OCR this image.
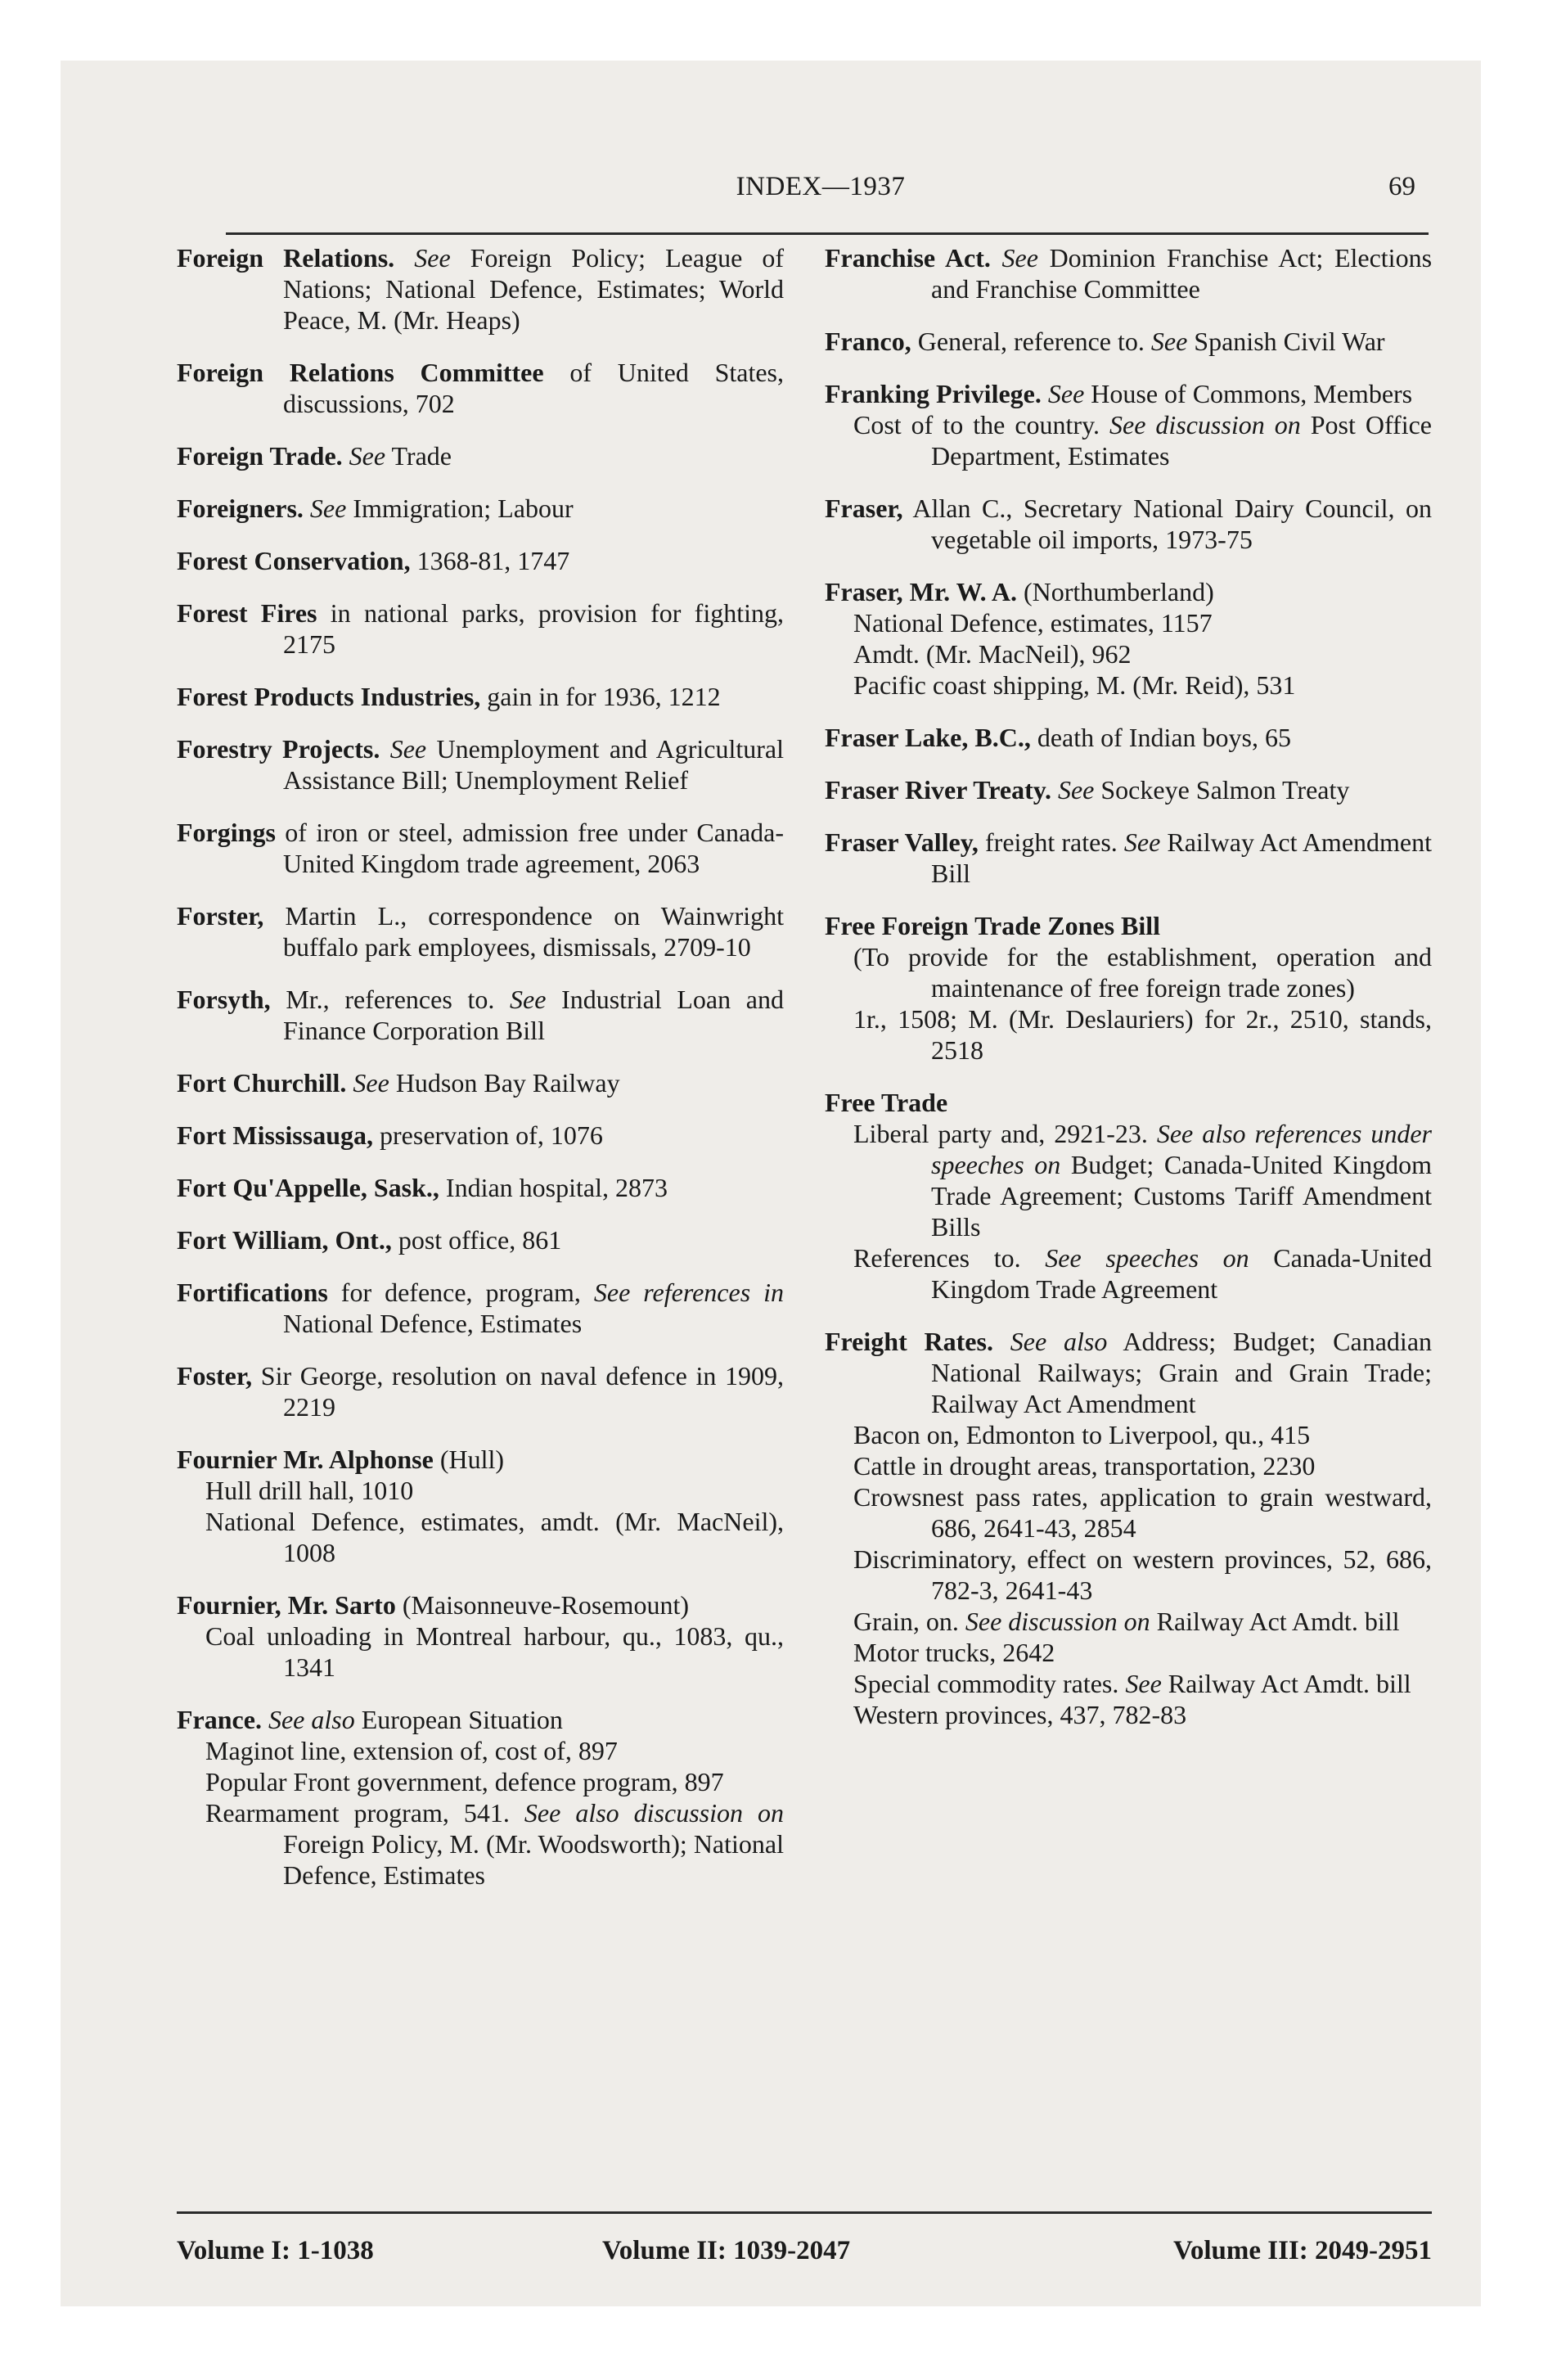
INDEX—1937	69
Foreign Relations. See Foreign Policy; League of Nations; National Defence, Estimates; World Peace, M. (Mr. Heaps)
Foreign Relations Committee of United States, discussions, 702
Foreign Trade. See Trade
Foreigners. See Immigration; Labour
Forest Conservation, 1368-81, 1747
Forest Fires in national parks, provision for fighting, 2175
Forest Products Industries, gain in for 1936, 1212
Forestry Projects. See Unemployment and Agricultural Assistance Bill; Unemployment Relief
Forgings of iron or steel, admission free under Canada-United Kingdom trade agreement, 2063
Forster, Martin L., correspondence on Wainwright buffalo park employees, dismissals, 2709-10
Forsyth, Mr., references to. See Industrial Loan and Finance Corporation Bill
Fort Churchill. See Hudson Bay Railway
Fort Mississauga, preservation of, 1076
Fort Qu'Appelle, Sask., Indian hospital, 2873
Fort William, Ont., post office, 861
Fortifications for defence, program, See references in National Defence, Estimates
Foster, Sir George, resolution on naval defence in 1909, 2219
Fournier Mr. Alphonse (Hull)
Hull drill hall, 1010
National Defence, estimates, amdt. (Mr. MacNeil), 1008
Fournier, Mr. Sarto (Maisonneuve-Rosemount)
Coal unloading in Montreal harbour, qu., 1083, qu., 1341
France. See also European Situation
Maginot line, extension of, cost of, 897
Popular Front government, defence program, 897
Rearmament program, 541. See also discussion on Foreign Policy, M. (Mr. Woodsworth); National Defence, Estimates
Franchise Act. See Dominion Franchise Act; Elections and Franchise Committee
Franco, General, reference to. See Spanish Civil War
Franking Privilege. See House of Commons, Members
Cost of to the country. See discussion on Post Office Department, Estimates
Fraser, Allan C., Secretary National Dairy Council, on vegetable oil imports, 1973-75
Fraser, Mr. W. A. (Northumberland)
National Defence, estimates, 1157
Amdt. (Mr. MacNeil), 962
Pacific coast shipping, M. (Mr. Reid), 531
Fraser Lake, B.C., death of Indian boys, 65
Fraser River Treaty. See Sockeye Salmon Treaty
Fraser Valley, freight rates. See Railway Act Amendment Bill
Free Foreign Trade Zones Bill
(To provide for the establishment, operation and maintenance of free foreign trade zones)
1r., 1508; M. (Mr. Deslauriers) for 2r., 2510, stands, 2518
Free Trade
Liberal party and, 2921-23. See also references under speeches on Budget; Canada-United Kingdom Trade Agreement; Customs Tariff Amendment Bills
References to. See speeches on Canada-United Kingdom Trade Agreement
Freight Rates. See also Address; Budget; Canadian National Railways; Grain and Grain Trade; Railway Act Amendment
Bacon on, Edmonton to Liverpool, qu., 415
Cattle in drought areas, transportation, 2230
Crowsnest pass rates, application to grain westward, 686, 2641-43, 2854
Discriminatory, effect on western provinces, 52, 686, 782-3, 2641-43
Grain, on. See discussion on Railway Act Amdt. bill
Motor trucks, 2642
Special commodity rates. See Railway Act Amdt. bill
Western provinces, 437, 782-83
Volume I: 1-1038	Volume II: 1039-2047	Volume III: 2049-2951
